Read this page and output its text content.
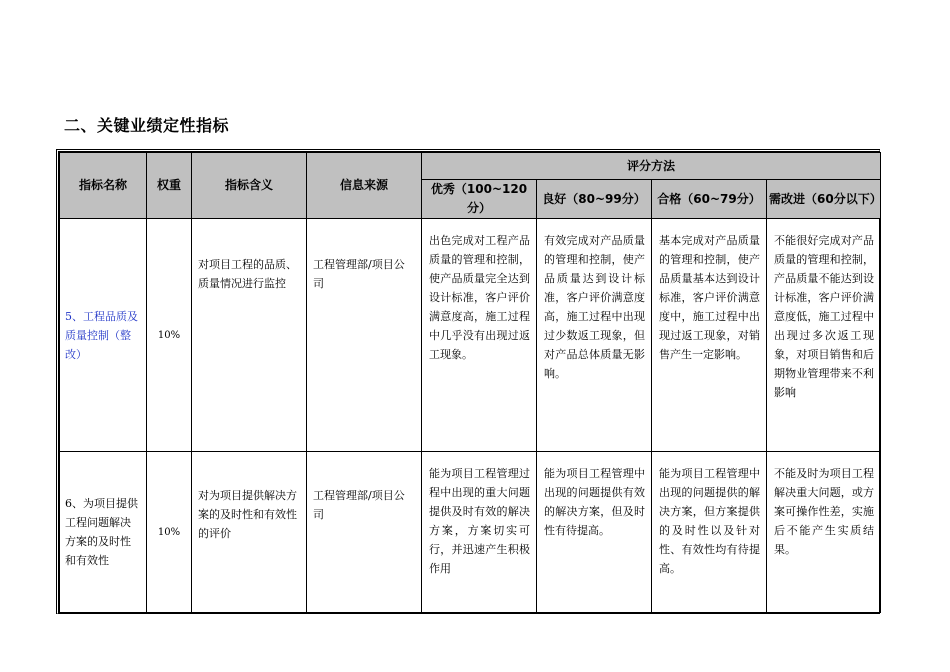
二、关键业绩定性指标
指标名称	权重	指标含义	信息来源	评分方法			
				优秀（100~120分）	良好（80~99分）	合格（60~79分）	需改进（60分以下）
5、工程品质及质量控制（整改）	10%	对项目工程的品质、质量情况进行监控	工程管理部/项目公司	出色完成对工程产品质量的管理和控制，使产品质量完全达到设计标准，客户评价满意度高，施工过程中几乎没有出现过返工现象。	有效完成对产品质量的管理和控制，使产品质量达到设计标准，客户评价满意度高，施工过程中出现过少数返工现象，但对产品总体质量无影响。	基本完成对产品质量的管理和控制，使产品质量基本达到设计标准，客户评价满意度中，施工过程中出现过返工现象，对销售产生一定影响。	不能很好完成对产品质量的管理和控制，产品质量不能达到设计标准，客户评价满意度低，施工过程中出现过多次返工现象，对项目销售和后期物业管理带来不利影响
6、为项目提供工程问题解决方案的及时性和有效性	10%	对为项目提供解决方案的及时性和有效性的评价	工程管理部/项目公司	能为项目工程管理过程中出现的重大问题提供及时有效的解决方案，方案切实可行，并迅速产生积极作用	能为项目工程管理中出现的问题提供有效的解决方案，但及时性有待提高。	能为项目工程管理中出现的问题提供的解决方案，但方案提供的及时性以及针对性、有效性均有待提高。	不能及时为项目工程解决重大问题，或方案可操作性差，实施后不能产生实质结果。
